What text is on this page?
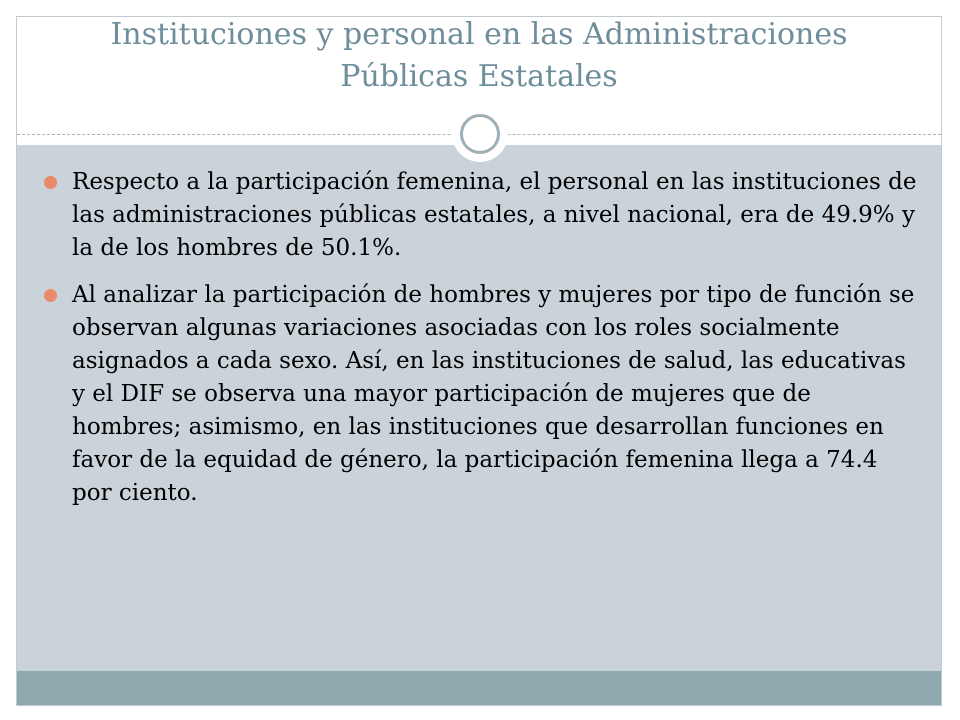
Instituciones y personal en las Administraciones
Públicas Estatales
Respecto a la participación femenina, el personal en las instituciones de las administraciones públicas estatales, a nivel nacional, era de 49.9% y la de los hombres de 50.1%.
Al analizar la participación de hombres y mujeres por tipo de función se observan algunas variaciones asociadas con los roles socialmente asignados a cada sexo. Así, en las instituciones de salud, las educativas y el DIF se observa una mayor participación de mujeres que de hombres; asimismo, en las instituciones que desarrollan funciones en favor de la equidad de género, la participación femenina llega a 74.4 por ciento.
